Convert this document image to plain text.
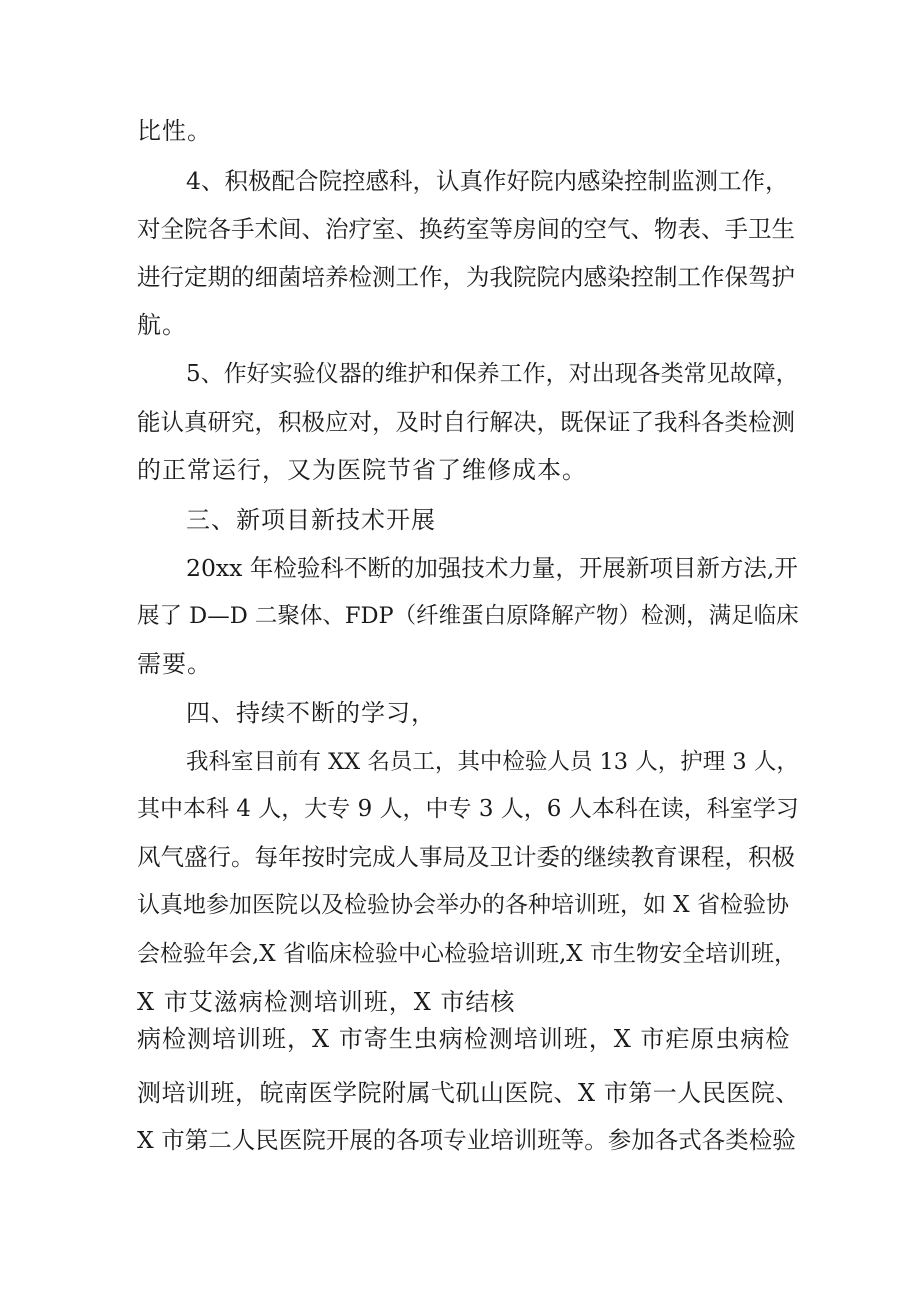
比性。
4、积极配合院控感科，认真作好院内感染控制监测工作，
对全院各手术间、治疗室、换药室等房间的空气、物表、手卫生
进行定期的细菌培养检测工作，为我院院内感染控制工作保驾护
航。
5、作好实验仪器的维护和保养工作，对出现各类常见故障，
能认真研究，积极应对，及时自行解决，既保证了我科各类检测
的正常运行，又为医院节省了维修成本。
三、新项目新技术开展
20xx 年检验科不断的加强技术力量，开展新项目新方法,开
展了 D—D 二聚体、FDP（纤维蛋白原降解产物）检测，满足临床
需要。
四、持续不断的学习，
我科室目前有 XX 名员工，其中检验人员 13 人，护理 3 人，
其中本科 4 人，大专 9 人，中专 3 人，6 人本科在读，科室学习
风气盛行。每年按时完成人事局及卫计委的继续教育课程，积极
认真地参加医院以及检验协会举办的各种培训班，如 X 省检验协
会检验年会,X 省临床检验中心检验培训班,X 市生物安全培训班，
X 市艾滋病检测培训班，X 市结核
病检测培训班，X 市寄生虫病检测培训班，X 市疟原虫病检
测培训班，皖南医学院附属弋矶山医院、X 市第一人民医院、
X 市第二人民医院开展的各项专业培训班等。参加各式各类检验
